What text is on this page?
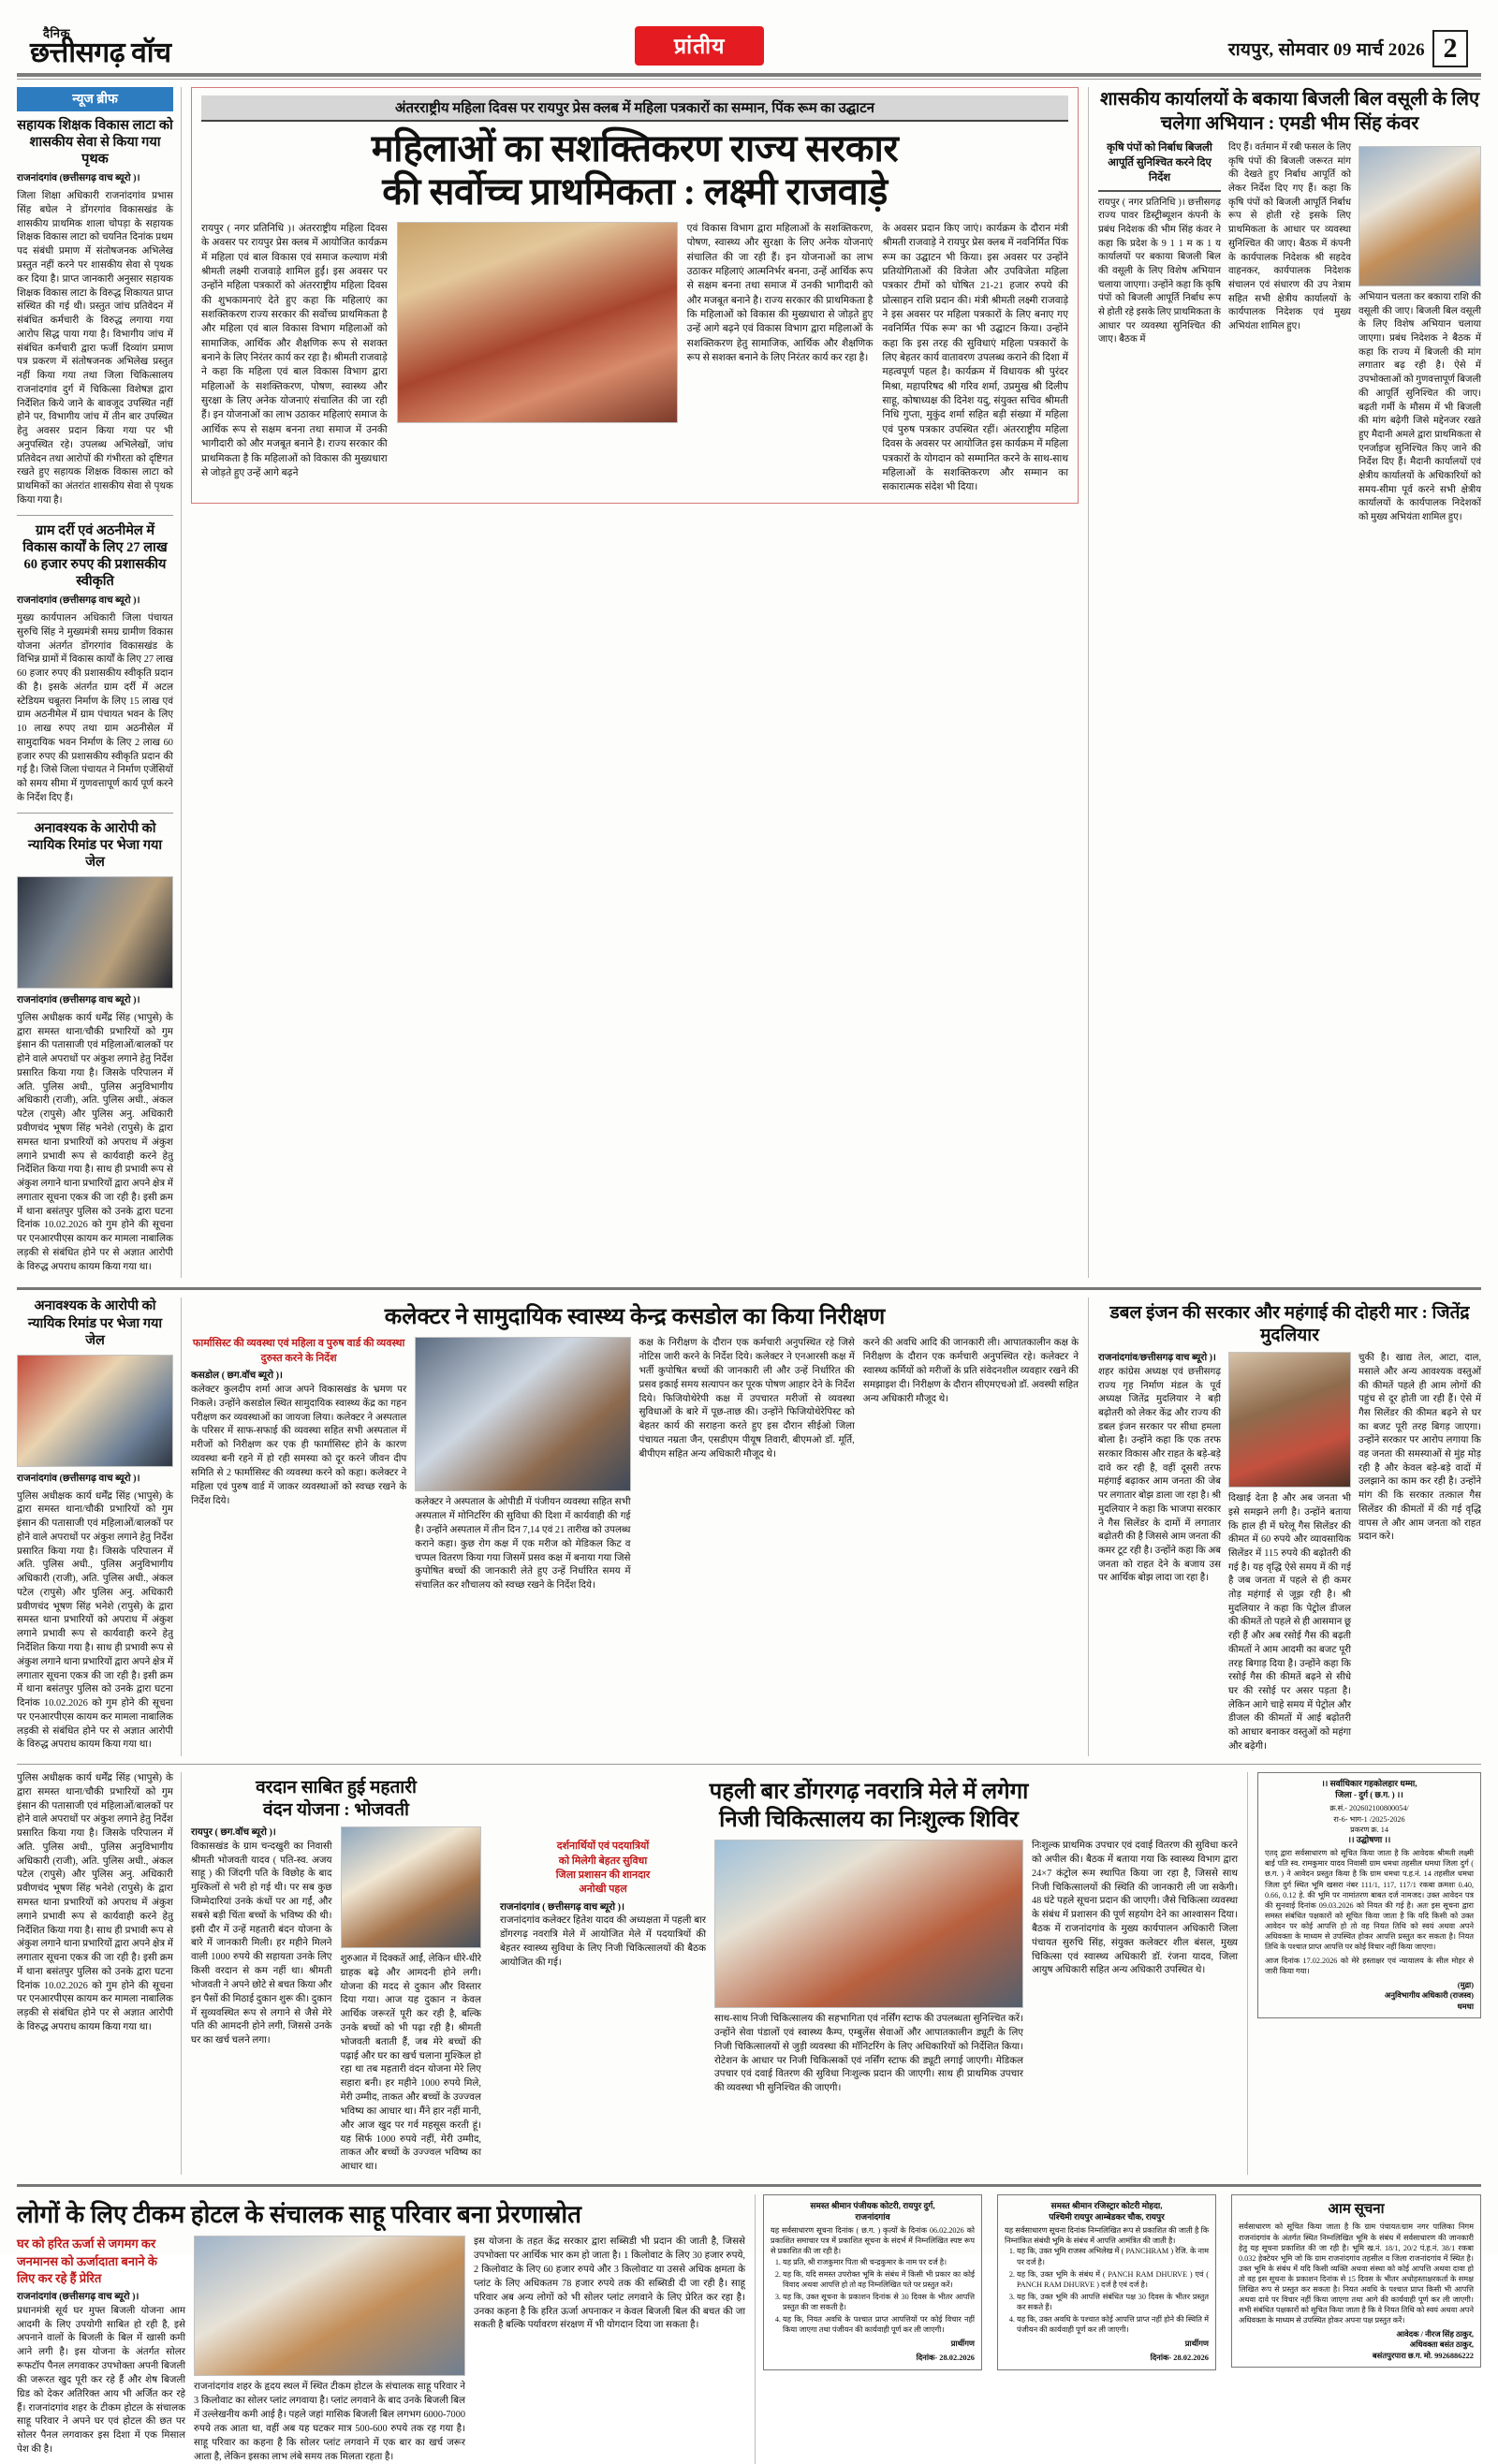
दैनिक
छत्तीसगढ़ वॉच	प्रांतीय	रायपुर, सोमवार 09 मार्च 2026 2
न्यूज ब्रीफ
सहायक शिक्षक विकास लाटा को शासकीय सेवा से किया गया पृथक

राजनांदगांव (छत्तीसगढ़ वाच ब्यूरो )।

जिला शिक्षा अधिकारी राजनांदगांव प्रभास सिंह बघेल ने डोंगरगांव विकासखंड के शासकीय प्राथमिक शाला चोपड़ा के सहायक शिक्षक विकास लाटा को चयनित दिनांक प्रथम पद संबंधी प्रमाण में संतोषजनक अभिलेख प्रस्तुत नहीं करने पर शासकीय सेवा से पृथक कर दिया है। प्राप्त जानकारी अनुसार सहायक शिक्षक विकास लाटा के विरुद्ध शिकायत प्राप्त संस्थित की गई थी। प्रस्तुत जांच प्रतिवेदन में संबंधित कर्मचारी के विरुद्ध लगाया गया आरोप सिद्ध पाया गया है। विभागीय जांच में संबंधित कर्मचारी द्वारा फर्जी दिव्यांग प्रमाण पत्र प्रकरण में संतोषजनक अभिलेख प्रस्तुत नहीं किया गया तथा जिला चिकित्सालय राजनांदगांव दुर्ग में चिकित्सा विशेषज्ञ द्वारा निर्देशित किये जाने के बावजूद उपस्थित नहीं होने पर, विभागीय जांच में तीन बार उपस्थित हेतु अवसर प्रदान किया गया पर भी अनुपस्थित रहे। उपलब्ध अभिलेखों, जांच प्रतिवेदन तथा आरोपों की गंभीरता को दृष्टिगत रखते हुए सहायक शिक्षक विकास लाटा को प्राथमिकों का अंतरांत शासकीय सेवा से पृथक किया गया है।

ग्राम दर्री एवं अठनीमेल में विकास कार्यों के लिए 27 लाख 60 हजार रुपए की प्रशासकीय स्वीकृति

राजनांदगांव (छत्तीसगढ़ वाच ब्यूरो )।

मुख्य कार्यपालन अधिकारी जिला पंचायत सुरुचि सिंह ने मुख्यमंत्री समग्र ग्रामीण विकास योजना अंतर्गत डोंगरगांव विकासखंड के विभिन्न ग्रामों में विकास कार्यों के लिए 27 लाख 60 हजार रुपए की प्रशासकीय स्वीकृति प्रदान की है। इसके अंतर्गत ग्राम दर्री में अटल स्टेडियम चबूतरा निर्माण के लिए 15 लाख एवं ग्राम अठनीमेल में ग्राम पंचायत भवन के लिए 10 लाख रुपए तथा ग्राम अठनीसेल में सामुदायिक भवन निर्माण के लिए 2 लाख 60 हजार रुपए की प्रशासकीय स्वीकृति प्रदान की गई है। जिसे जिला पंचायत ने निर्माण एजेंसियों को समय सीमा में गुणवत्तापूर्ण कार्य पूर्ण करने के निर्देश दिए हैं।

अनावश्यक के आरोपी को न्यायिक रिमांड पर भेजा गया जेल

राजनांदगांव (छत्तीसगढ़ वाच ब्यूरो )।

पुलिस अधीक्षक कार्य धर्मेंद्र सिंह (भापुसे) के द्वारा समस्त थाना/चौकी प्रभारियों को गुम इंसान की पतासाजी एवं महिलाओं/बालकों पर होने वाले अपराधों पर अंकुश लगाने हेतु निर्देश प्रसारित किया गया है। जिसके परिपालन में अति. पुलिस अधी., पुलिस अनुविभागीय अधिकारी (राजी), अति. पुलिस अधी., अंकल पटेल (रापुसे) और पुलिस अनु. अधिकारी प्रवीणचंद भूषण सिंह भनेशे (रापुसे) के द्वारा समस्त थाना प्रभारियों को अपराध में अंकुश लगाने प्रभावी रूप से कार्यवाही करने हेतु निर्देशित किया गया है। साथ ही प्रभावी रूप से अंकुश लगाने थाना प्रभारियों द्वारा अपने क्षेत्र में लगातार सूचना एकत्र की जा रही है। इसी क्रम में थाना बसंतपुर पुलिस को उनके द्वारा घटना दिनांक 10.02.2026 को गुम होने की सूचना पर एनआरपीएस कायम कर मामला नाबालिक लड़की से संबंधित होने पर से अज्ञात आरोपी के विरुद्ध अपराध कायम किया गया था।

अंतरराष्ट्रीय महिला दिवस पर रायपुर प्रेस क्लब में महिला पत्रकारों का सम्मान, पिंक रूम का उद्घाटन
महिलाओं का सशक्तिकरण राज्य सरकार
की सर्वोच्च प्राथमिकता : लक्ष्मी राजवाड़े
रायपुर ( नगर प्रतिनिधि )। अंतरराष्ट्रीय महिला दिवस के अवसर पर रायपुर प्रेस क्लब में आयोजित कार्यक्रम में महिला एवं बाल विकास एवं समाज कल्याण मंत्री श्रीमती लक्ष्मी राजवाड़े शामिल हुईं। इस अवसर पर उन्होंने महिला पत्रकारों को अंतरराष्ट्रीय महिला दिवस की शुभकामनाएं देते हुए कहा कि महिलाएं का सशक्तिकरण राज्य सरकार की सर्वोच्च प्राथमिकता है और महिला एवं बाल विकास विभाग महिलाओं को सामाजिक, आर्थिक और शैक्षणिक रूप से सशक्त बनाने के लिए निरंतर कार्य कर रहा है। श्रीमती राजवाड़े ने कहा कि महिला एवं बाल विकास विभाग द्वारा महिलाओं के सशक्तिकरण, पोषण, स्वास्थ्य और सुरक्षा के लिए अनेक योजनाएं संचालित की जा रही हैं। इन योजनाओं का लाभ उठाकर महिलाएं समाज के आर्थिक रूप से सक्षम बनना तथा समाज में उनकी भागीदारी को और मजबूत बनाने है। राज्य सरकार की प्राथमिकता है कि महिलाओं को विकास की मुख्यधारा से जोड़ते हुए उन्हें आगे बढ़ने
एवं विकास विभाग द्वारा महिलाओं के सशक्तिकरण, पोषण, स्वास्थ्य और सुरक्षा के लिए अनेक योजनाएं संचालित की जा रही हैं। इन योजनाओं का लाभ उठाकर महिलाएं आत्मनिर्भर बनना, उन्हें आर्थिक रूप से सक्षम बनना तथा समाज में उनकी भागीदारी को और मजबूत बनाने है। राज्य सरकार की प्राथमिकता है कि महिलाओं को विकास की मुख्यधारा से जोड़ते हुए उन्हें आगे बढ़ने एवं विकास विभाग द्वारा महिलाओं के सशक्तिकरण हेतु सामाजिक, आर्थिक और शैक्षणिक रूप से सशक्त बनाने के लिए निरंतर कार्य कर रहा है।
के अवसर प्रदान किए जाएं। कार्यक्रम के दौरान मंत्री श्रीमती राजवाड़े ने रायपुर प्रेस क्लब में नवनिर्मित पिंक रूम का उद्घाटन भी किया। इस अवसर पर उन्होंने प्रतियोगिताओं की विजेता और उपविजेता महिला पत्रकार टीमों को घोषित 21-21 हजार रुपये की प्रोत्साहन राशि प्रदान की। मंत्री श्रीमती लक्ष्मी राजवाड़े ने इस अवसर पर महिला पत्रकारों के लिए बनाए गए नवनिर्मित 'पिंक रूम' का भी उद्घाटन किया। उन्होंने कहा कि इस तरह की सुविधाएं महिला पत्रकारों के लिए बेहतर कार्य वातावरण उपलब्ध कराने की दिशा में महत्वपूर्ण पहल है। कार्यक्रम में विधायक श्री पुरंदर मिश्रा, महापरिषद श्री गरिव शर्मा, उप्रमुख श्री दिलीप साहू, कोषाध्यक्ष की दिनेश यदु, संयुक्त सचिव श्रीमती निधि गुप्ता, मुकुंद शर्मा सहित बड़ी संख्या में महिला एवं पुरुष पत्रकार उपस्थित रहीं। अंतरराष्ट्रीय महिला दिवस के अवसर पर आयोजित इस कार्यक्रम में महिला पत्रकारों के योगदान को सम्मानित करने के साथ-साथ महिलाओं के सशक्तिकरण और सम्मान का सकारात्मक संदेश भी दिया।
शासकीय कार्यालयों के बकाया बिजली बिल वसूली के लिए चलेगा अभियान : एमडी भीम सिंह कंवर
कृषि पंपों को निर्बाध बिजली आपूर्ति सुनिश्चित करने दिए निर्देश
रायपुर ( नगर प्रतिनिधि )। छत्तीसगढ़ राज्य पावर डिस्ट्रीब्यूशन कंपनी के प्रबंध निदेशक की भीम सिंह कंवर ने कहा कि प्रदेश के 9 1 1 म क 1 य कार्यालयों पर बकाया बिजली बिल की वसूली के लिए विशेष अभियान चलाया जाएगा। उन्होंने कहा कि कृषि पंपों को बिजली आपूर्ति निर्बाध रूप से होती रहे इसके लिए प्राथमिकता के आधार पर व्यवस्था सुनिश्चित की जाए। बैठक में
दिए हैं। वर्तमान में रबी फसल के लिए कृषि पंपों की बिजली जरूरत मांग की देखते हुए निर्बाध आपूर्ति को लेकर निर्देश दिए गए हैं। कहा कि कृषि पंपों को बिजली आपूर्ति निर्बाध रूप से होती रहे इसके लिए प्राथमिकता के आधार पर व्यवस्था सुनिश्चित की जाए। बैठक में कंपनी के कार्यपालक निदेशक श्री सहदेव वाहनकर, कार्यपालक निदेशक संचालन एवं संधारण की उप नेत्राम सहित सभी क्षेत्रीय कार्यालयों के कार्यपालक निदेशक एवं मुख्य अभियंता शामिल हुए।
अभियान चलता कर बकाया राशि की वसूली की जाए। बिजली बिल वसूली के लिए विशेष अभियान चलाया जाएगा। प्रबंध निदेशक ने बैठक में कहा कि राज्य में बिजली की मांग लगातार बढ़ रही है। ऐसे में उपभोक्ताओं को गुणवत्तापूर्ण बिजली की आपूर्ति सुनिश्चित की जाए। बढ़ती गर्मी के मौसम में भी बिजली की मांग बढ़ेगी जिसे मद्देनजर रखते हुए मैदानी अमले द्वारा प्राथमिकता से एनर्जाइज सुनिश्चित किए जाने की निर्देश दिए हैं। मैदानी कार्यालयों एवं क्षेत्रीय कार्यालयों के अधिकारियों को समय-सीमा पूर्व करने सभी क्षेत्रीय कार्यालयों के कार्यपालक निदेशकों को मुख्य अभियंता शामिल हुए।
अनावश्यक के आरोपी को न्यायिक रिमांड पर भेजा गया जेल

राजनांदगांव (छत्तीसगढ़ वाच ब्यूरो )।

पुलिस अधीक्षक कार्य धर्मेंद्र सिंह (भापुसे) के द्वारा समस्त थाना/चौकी प्रभारियों को गुम इंसान की पतासाजी एवं महिलाओं/बालकों पर होने वाले अपराधों पर अंकुश लगाने हेतु निर्देश प्रसारित किया गया है। जिसके परिपालन में अति. पुलिस अधी., पुलिस अनुविभागीय अधिकारी (राजी), अति. पुलिस अधी., अंकल पटेल (रापुसे) और पुलिस अनु. अधिकारी प्रवीणचंद भूषण सिंह भनेशे (रापुसे) के द्वारा समस्त थाना प्रभारियों को अपराध में अंकुश लगाने प्रभावी रूप से कार्यवाही करने हेतु निर्देशित किया गया है। साथ ही प्रभावी रूप से अंकुश लगाने थाना प्रभारियों द्वारा अपने क्षेत्र में लगातार सूचना एकत्र की जा रही है। इसी क्रम में थाना बसंतपुर पुलिस को उनके द्वारा घटना दिनांक 10.02.2026 को गुम होने की सूचना पर एनआरपीएस कायम कर मामला नाबालिक लड़की से संबंधित होने पर से अज्ञात आरोपी के विरुद्ध अपराध कायम किया गया था।

कलेक्टर ने सामुदायिक स्वास्थ्य केन्द्र कसडोल का किया निरीक्षण
फार्मासिस्ट की व्यवस्था एवं महिला व पुरुष वार्ड की व्यवस्था दुरुस्त करने के निर्देश
कसडोल ( छग.वॉच ब्यूरो )।
कलेक्टर कुलदीप शर्मा आज अपने विकासखंड के भ्रमण पर निकले। उन्होंने कसडोल स्थित सामुदायिक स्वास्थ्य केंद्र का गहन परीक्षण कर व्यवस्थाओं का जायजा लिया। कलेक्टर ने अस्पताल के परिसर में साफ-सफाई की व्यवस्था सहित सभी अस्पताल में मरीजों को निरीक्षण कर एक ही फार्मासिस्ट होने के कारण व्यवस्था बनी रहने में हो रही समस्या को दूर करने जीवन दीप समिति से 2 फार्मासिस्ट की व्यवस्था करने को कहा। कलेक्टर ने महिला एवं पुरुष वार्ड में जाकर व्यवस्थाओं को स्वच्छ रखने के निर्देश दिये।	कलेक्टर ने अस्पताल के ओपीडी में पंजीयन व्यवस्था सहित सभी अस्पताल में मोनिटरिंग की सुविधा की दिशा में कार्यवाही की गई है। उन्होंने अस्पताल में तीन दिन 7,14 एवं 21 तारीख को उपलब्ध कराने कहा। कुछ रोग कक्ष में एक मरीज को मेडिकल किट व चप्पल वितरण किया गया जिसमें प्रसव कक्ष में बनाया गया जिसे कुपोषित बच्चों की जानकारी लेते हुए उन्हें निर्धारित समय में संचालित कर शौचालय को स्वच्छ रखने के निर्देश दिये।
कक्ष के निरीक्षण के दौरान एक कर्मचारी अनुपस्थित रहे जिसे नोटिस जारी करने के निर्देश दिये। कलेक्टर ने एनआरसी कक्ष में भर्ती कुपोषित बच्चों की जानकारी ली और उन्हें निर्धारित की प्रसव इकाई समय सत्यापन कर पूरक पोषण आहार देने के निर्देश दिये। फिजियोथेरेपी कक्ष में उपचारत मरीजों से व्यवस्था सुविधाओं के बारे में पूछ-ताछ की। उन्होंने फिजियोथेरेपिस्ट को बेहतर कार्य की सराहना करते हुए इस दौरान सीईओ जिला पंचायत नम्रता जैन, एसडीएम पीयूष तिवारी, बीएमओ डॉ. मूर्ति, बीपीएम सहित अन्य अधिकारी मौजूद थे।
करने की अवधि आदि की जानकारी ली। आपातकालीन कक्ष के निरीक्षण के दौरान एक कर्मचारी अनुपस्थित रहे। कलेक्टर ने स्वास्थ्य कर्मियों को मरीजों के प्रति संवेदनशील व्यवहार रखने की समझाइश दी। निरीक्षण के दौरान सीएमएचओ डॉ. अवस्थी सहित अन्य अधिकारी मौजूद थे।
डबल इंजन की सरकार और महंगाई की दोहरी मार : जितेंद्र मुदलियार
राजनांदगांव/छत्तीसगढ़ वाच ब्यूरो )।
शहर कांग्रेस अध्यक्ष एवं छत्तीसगढ़ राज्य गृह निर्माण मंडल के पूर्व अध्यक्ष जितेंद्र मुदलियार ने बड़ी बढ़ोतरी को लेकर केंद्र और राज्य की डबल इंजन सरकार पर सीधा हमला बोला है। उन्होंने कहा कि एक तरफ सरकार विकास और राहत के बड़े-बड़े दावे कर रही है, वहीं दूसरी तरफ महंगाई बढ़ाकर आम जनता की जेब पर लगातार बोझ डाला जा रहा है। श्री मुदलियार ने कहा कि भाजपा सरकार ने गैस सिलेंडर के दामों में लगातार बढ़ोतरी की है जिससे आम जनता की कमर टूट रही है। उन्होंने कहा कि अब जनता को राहत देने के बजाय उस पर आर्थिक बोझ लादा जा रहा है।
दिखाई देता है और अब जनता भी इसे समझने लगी है। उन्होंने बताया कि हाल ही में घरेलू गैस सिलेंडर की कीमत में 60 रुपये और व्यावसायिक सिलेंडर में 115 रुपये की बढ़ोतरी की गई है। यह वृद्धि ऐसे समय में की गई है जब जनता में पहले से ही कमर तोड़ महंगाई से जूझ रही है। श्री मुदलियार ने कहा कि पेट्रोल डीजल की कीमतें तो पहले से ही आसमान छू रही हैं और अब रसोई गैस की बढ़ती कीमतों ने आम आदमी का बजट पूरी तरह बिगाड़ दिया है। उन्होंने कहा कि रसोई गैस की कीमतें बढ़ने से सीधे घर की रसोई पर असर पड़ता है। लेकिन आगे चाहे समय में पेट्रोल और डीजल की कीमतों में आई बढ़ोतरी को आधार बनाकर वस्तुओं को महंगा और बढ़ेगी।
चुकी है। खाद्य तेल, आटा, दाल, मसाले और अन्य आवश्यक वस्तुओं की कीमतें पहले ही आम लोगों की पहुंच से दूर होती जा रही हैं। ऐसे में गैस सिलेंडर की कीमत बढ़ने से घर का बजट पूरी तरह बिगड़ जाएगा। उन्होंने सरकार पर आरोप लगाया कि वह जनता की समस्याओं से मुंह मोड़ रही है और केवल बड़े-बड़े वादों में उलझाने का काम कर रही है। उन्होंने मांग की कि सरकार तत्काल गैस सिलेंडर की कीमतों में की गई वृद्धि वापस ले और आम जनता को राहत प्रदान करे।

पुलिस अधीक्षक कार्य धर्मेंद्र सिंह (भापुसे) के द्वारा समस्त थाना/चौकी प्रभारियों को गुम इंसान की पतासाजी एवं महिलाओं/बालकों पर होने वाले अपराधों पर अंकुश लगाने हेतु निर्देश प्रसारित किया गया है। जिसके परिपालन में अति. पुलिस अधी., पुलिस अनुविभागीय अधिकारी (राजी), अति. पुलिस अधी., अंकल पटेल (रापुसे) और पुलिस अनु. अधिकारी प्रवीणचंद भूषण सिंह भनेशे (रापुसे) के द्वारा समस्त थाना प्रभारियों को अपराध में अंकुश लगाने प्रभावी रूप से कार्यवाही करने हेतु निर्देशित किया गया है। साथ ही प्रभावी रूप से अंकुश लगाने थाना प्रभारियों द्वारा अपने क्षेत्र में लगातार सूचना एकत्र की जा रही है। इसी क्रम में थाना बसंतपुर पुलिस को उनके द्वारा घटना दिनांक 10.02.2026 को गुम होने की सूचना पर एनआरपीएस कायम कर मामला नाबालिक लड़की से संबंधित होने पर से अज्ञात आरोपी के विरुद्ध अपराध कायम किया गया था।

वरदान साबित हुई महतारी
वंदन योजना : भोजवती
रायपुर ( छग.वॉच ब्यूरो )।
विकासखंड के ग्राम चन्दखुरी का निवासी श्रीमती भोजवती यादव ( पति-स्व. अजय साहू ) की जिंदगी पति के विछोह के बाद मुश्किलों से भरी हो गई थी। पर सब कुछ जिम्मेदारियां उनके कंधों पर आ गईं, और सबसे बड़ी चिंता बच्चों के भविष्य की थी। इसी दौर में उन्हें महतारी बंदन योजना के बारे में जानकारी मिली। हर महीने मिलने वाली 1000 रुपये की सहायता उनके लिए किसी वरदान से कम नहीं था। श्रीमती भोजवती ने अपने छोटे से बचत किया और इन पैसों की मिठाई दुकान शुरू की। दुकान में सुव्यवस्थित रूप से लगाने से जैसे मेरे पति की आमदनी होने लगी, जिससे उनके घर का खर्च चलने लगा।
शुरुआत में दिक्कतें आईं, लेकिन धीरे-धीरे ग्राहक बढ़े और आमदनी होने लगी। योजना की मदद से दुकान और विस्तार दिया गया। आज यह दुकान न केवल आर्थिक जरूरतें पूरी कर रही है, बल्कि उनके बच्चों को भी पढ़ा रही है। श्रीमती भोजवती बताती हैं, जब मेरे बच्चों की पढ़ाई और घर का खर्च चलाना मुश्किल हो रहा था तब महतारी वंदन योजना मेरे लिए सहारा बनी। हर महीने 1000 रुपये मिले, मेरी उम्मीद, ताकत और बच्चों के उज्ज्वल भविष्य का आधार था। मैंने हार नहीं मानी, और आज खुद पर गर्व महसूस करती हूं। यह सिर्फ 1000 रुपये नहीं, मेरी उम्मीद, ताकत और बच्चों के उज्ज्वल भविष्य का आधार था।
पहली बार डोंगरगढ़ नवरात्रि मेले में लगेगा
निजी चिकित्सालय का निःशुल्क शिविर
दर्शनार्थियों एवं पदयात्रियों
को मिलेगी बेहतर सुविधा
जिला प्रशासन की शानदार
अनोखी पहल
राजनांदगांव ( छत्तीसगढ़ वाच ब्यूरो )।
राजनांदगांव कलेक्टर हितेश यादव की अध्यक्षता में पहली बार डोंगरगढ़ नवरात्रि मेले में आयोजित मेले में पदयात्रियों की बेहतर स्वास्थ्य सुविधा के लिए निजी चिकित्सालयों की बैठक आयोजित की गई।
साथ-साथ निजी चिकित्सालय की सहभागिता एवं नर्सिंग स्टाफ की उपलब्धता सुनिश्चित करें। उन्होंने सेवा पंडालों एवं स्वास्थ्य कैम्प, एम्बुलेंस सेवाओं और आपातकालीन ड्यूटी के लिए निजी चिकित्सालयों से जुड़ी व्यवस्था की मॉनिटरिंग के लिए अधिकारियों को निर्देशित किया। रोटेशन के आधार पर निजी चिकित्सकों एवं नर्सिंग स्टाफ की ड्यूटी लगाई जाएगी। मेडिकल उपचार एवं दवाई वितरण की सुविधा निःशुल्क प्रदान की जाएगी। साथ ही प्राथमिक उपचार की व्यवस्था भी सुनिश्चित की जाएगी।
निःशुल्क प्राथमिक उपचार एवं दवाई वितरण की सुविधा करने को अपील की। बैठक में बताया गया कि स्वास्थ्य विभाग द्वारा 24×7 कंट्रोल रूम स्थापित किया जा रहा है, जिससे साथ निजी चिकित्सालयों की स्थिति की जानकारी ली जा सकेगी। 48 घंटे पहले सूचना प्रदान की जाएगी। जैसे चिकित्सा व्यवस्था के संबंध में प्रशासन की पूर्ण सहयोग देने का आश्वासन दिया। बैठक में राजनांदगांव के मुख्य कार्यपालन अधिकारी जिला पंचायत सुरुचि सिंह, संयुक्त कलेक्टर शील बंसल, मुख्य चिकित्सा एवं स्वास्थ्य अधिकारी डॉ. रंजना यादव, जिला आयुष अधिकारी सहित अन्य अधिकारी उपस्थित थे।
।। सर्वाधिकार गहकोलहार धम्मा,
जिला - दुर्ग ( छ.ग. ) ।।
क्र.सं.- 202602100800054/
रा-6- भाग-1 /2025-2026
प्रकरण क्र. 14
।। उद्घोषणा ।।
एतद् द्वारा सर्वसाधारण को सूचित किया जाता है कि आवेदक श्रीमती लक्ष्मी बाई पति स्व. रामकुमार यादव निवासी ग्राम धमधा तहसील धमधा जिला दुर्ग ( छ.ग. ) ने आवेदन प्रस्तुत किया है कि ग्राम धमधा प.ह.नं. 14 तहसील धमधा जिला दुर्ग स्थित भूमि खसरा नंबर 111/1, 117, 117/1 रकबा क्रमशः 0.40, 0.66, 0.12 हे. की भूमि पर नामांतरण बाबत दर्ज नामजद। उक्त आवेदन पत्र की सुनवाई दिनांक 09.03.2026 को नियत की गई है। अतः इस सूचना द्वारा समस्त संबंधित पक्षकारों को सूचित किया जाता है कि यदि किसी को उक्त आवेदन पर कोई आपत्ति हो तो वह नियत तिथि को स्वयं अथवा अपने अधिवक्ता के माध्यम से उपस्थित होकर आपत्ति प्रस्तुत कर सकता है। नियत तिथि के पश्चात प्राप्त आपत्ति पर कोई विचार नहीं किया जाएगा।
आज दिनांक 17.02.2026 को मेरे हस्ताक्षर एवं न्यायालय के सील मोहर से जारी किया गया।
(मुद्रा)
अनुविभागीय अधिकारी (राजस्व)
धमधा
लोगों के लिए टीकम होटल के संचालक साहू परिवार बना प्रेरणास्रोत
घर को हरित ऊर्जा से जगमग कर
जनमानस को ऊर्जादाता बनाने के
लिए कर रहे हैं प्रेरित
राजनांदगांव (छत्तीसगढ़ वाच ब्यूरो )।
प्रधानमंत्री सूर्य घर मुफ्त बिजली योजना आम आदमी के लिए उपयोगी साबित हो रही है, इसे अपनाने वालों के बिजली के बिल में खासी कमी आने लगी है। इस योजना के अंतर्गत सोलर रूफटॉप पैनल लगवाकर उपभोक्ता अपनी बिजली की जरूरत खुद पूरी कर रहे हैं और शेष बिजली ग्रिड को देकर अतिरिक्त आय भी अर्जित कर रहे हैं। राजनांदगांव शहर के टीकम होटल के संचालक साहू परिवार ने अपने घर एवं होटल की छत पर सोलर पैनल लगवाकर इस दिशा में एक मिसाल पेश की है।
राजनांदगांव शहर के हृदय स्थल में स्थित टीकम होटल के संचालक साहू परिवार ने 3 किलोवाट का सोलर प्लांट लगवाया है। प्लांट लगवाने के बाद उनके बिजली बिल में उल्लेखनीय कमी आई है। पहले जहां मासिक बिजली बिल लगभग 6000-7000 रुपये तक आता था, वहीं अब यह घटकर मात्र 500-600 रुपये तक रह गया है। साहू परिवार का कहना है कि सोलर प्लांट लगवाने में एक बार का खर्च जरूर आता है, लेकिन इसका लाभ लंबे समय तक मिलता रहता है।
इस योजना के तहत केंद्र सरकार द्वारा सब्सिडी भी प्रदान की जाती है, जिससे उपभोक्ता पर आर्थिक भार कम हो जाता है। 1 किलोवाट के लिए 30 हजार रुपये, 2 किलोवाट के लिए 60 हजार रुपये और 3 किलोवाट या उससे अधिक क्षमता के प्लांट के लिए अधिकतम 78 हजार रुपये तक की सब्सिडी दी जा रही है। साहू परिवार अब अन्य लोगों को भी सोलर प्लांट लगवाने के लिए प्रेरित कर रहा है। उनका कहना है कि हरित ऊर्जा अपनाकर न केवल बिजली बिल की बचत की जा सकती है बल्कि पर्यावरण संरक्षण में भी योगदान दिया जा सकता है।
समस्त श्रीमान पंजीयक कोटरी, रायपुर दुर्ग,
राजनांदगांव
यह सर्वसाधारण सूचना दिनांक ( छ.ग. ) कृत्यों के दिनांक 06.02.2026 को प्रकाशित समाचार पत्र में प्रकाशित सूचना के संदर्भ में निम्नलिखित स्पष्ट रूप से प्रकाशित की जा रही है।
1. यह प्रति, श्री राजकुमार पिता श्री चन्द्रकुमार के नाम पर दर्ज है।
2. यह कि, यदि समस्त उपरोक्त भूमि के संबंध में किसी भी प्रकार का कोई विवाद अथवा आपत्ति हो तो वह निम्नलिखित पते पर प्रस्तुत करें।
3. यह कि, उक्त सूचना के प्रकाशन दिनांक से 30 दिवस के भीतर आपत्ति प्रस्तुत की जा सकती है।
4. यह कि, नियत अवधि के पश्चात प्राप्त आपत्तियों पर कोई विचार नहीं किया जाएगा तथा पंजीयन की कार्यवाही पूर्ण कर ली जाएगी।
प्रार्थीगण
दिनांक- 28.02.2026
समस्त श्रीमान रजिस्ट्रार कोटरी मोहदा,
पश्चिमी रायपुर आम्बेडकर चौक, रायपुर
यह सर्वसाधारण सूचना दिनांक निम्नलिखित रूप से प्रकाशित की जाती है कि निम्नांकित संबंधी भूमि के संबंध में आपत्ति आमंत्रित की जाती है।
1. यह कि, उक्त भूमि राजस्व अभिलेख में ( PANCHRAM ) रेजि. के नाम पर दर्ज है।
2. यह कि, उक्त भूमि के संबंध में ( PANCH RAM DHURVE ) एवं ( PANCH RAM DHURVE ) दर्ज है एवं दर्ज है।
3. यह कि, उक्त भूमि की आपत्ति संबंधित पक्ष 30 दिवस के भीतर प्रस्तुत कर सकते हैं।
4. यह कि, उक्त अवधि के पश्चात कोई आपत्ति प्राप्त नहीं होने की स्थिति में पंजीयन की कार्यवाही पूर्ण कर ली जाएगी।
प्रार्थीगण
दिनांक- 28.02.2026
आम सूचना
सर्वसाधारण को सूचित किया जाता है कि ग्राम पंचायत/ग्राम नगर पालिका निगम राजनांदगांव के अंतर्गत स्थित निम्नलिखित भूमि के संबंध में सर्वसाधारण की जानकारी हेतु यह सूचना प्रकाशित की जा रही है। भूमि ख.नं. 18/1, 20/2 पं.ह.नं. 38/1 रकबा 0.032 हेक्टेयर भूमि जो कि ग्राम राजनांदगांव तहसील व जिला राजनांदगांव में स्थित है। उक्त भूमि के संबंध में यदि किसी व्यक्ति अथवा संस्था को कोई आपत्ति अथवा दावा हो तो वह इस सूचना के प्रकाशन दिनांक से 15 दिवस के भीतर अधोहस्ताक्षरकर्ता के समक्ष लिखित रूप से प्रस्तुत कर सकता है। नियत अवधि के पश्चात प्राप्त किसी भी आपत्ति अथवा दावे पर विचार नहीं किया जाएगा तथा आगे की कार्यवाही पूर्ण कर ली जाएगी। सभी संबंधित पक्षकारों को सूचित किया जाता है कि वे नियत तिथि को स्वयं अथवा अपने अधिवक्ता के माध्यम से उपस्थित होकर अपना पक्ष प्रस्तुत करें।
आवेदक / नीरज सिंह ठाकुर,
अधिवक्ता बसंत ठाकुर,
बसंतपुरपारा छ.ग. मो. 9926886222
